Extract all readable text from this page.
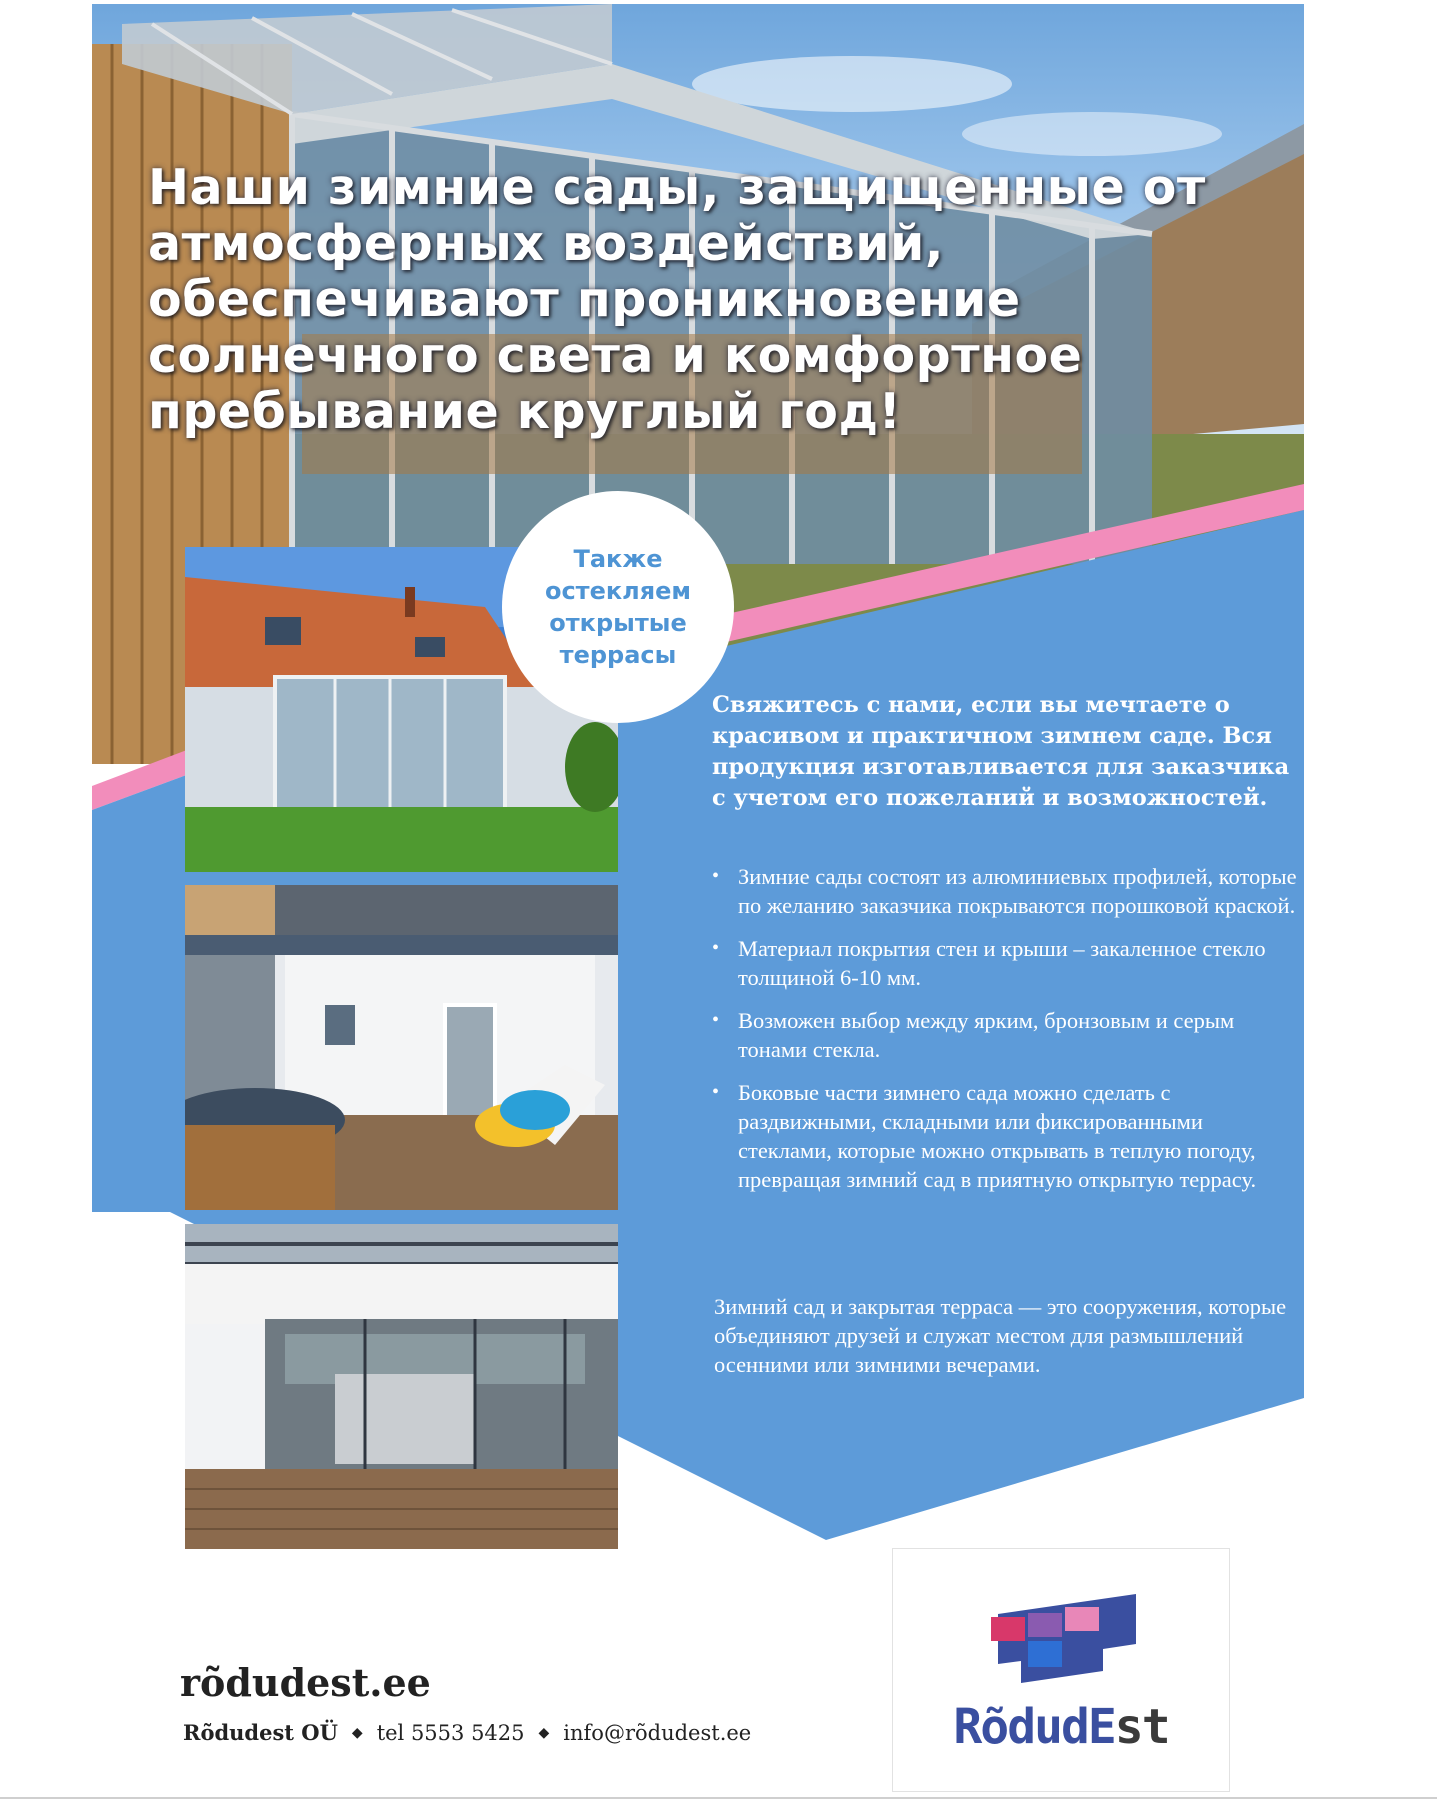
Наши зимние сады, защищенные от атмосферных воздействий, обеспечивают проникновение солнечного света и комфортное пребывание круглый год!
Также остекляем открытые террасы

Свяжитесь с нами, если вы мечтаете о красивом и практичном зимнем саде. Вся продукция изготавливается для заказчика с учетом его пожеланий и возможностей.

• Зимние сады состоят из алюминиевых профилей, которые по желанию заказчика покрываются порошковой краской.
• Материал покрытия стен и крыши – закаленное стекло толщиной 6-10 мм.
• Возможен выбор между ярким, бронзовым и серым тонами стекла.
• Боковые части зимнего сада можно сделать с раздвижными, складными или фиксированными стеклами, которые можно открывать в теплую погоду, превращая зимний сад в приятную открытую террасу.

Зимний сад и закрытая терраса — это сооружения, которые объединяют друзей и служат местом для размышлений осенними или зимними вечерами.

rõdudest.ee

Rõdudest OÜ ◆ tel 5553 5425 ◆ info@rõdudest.ee	RõdudEst
